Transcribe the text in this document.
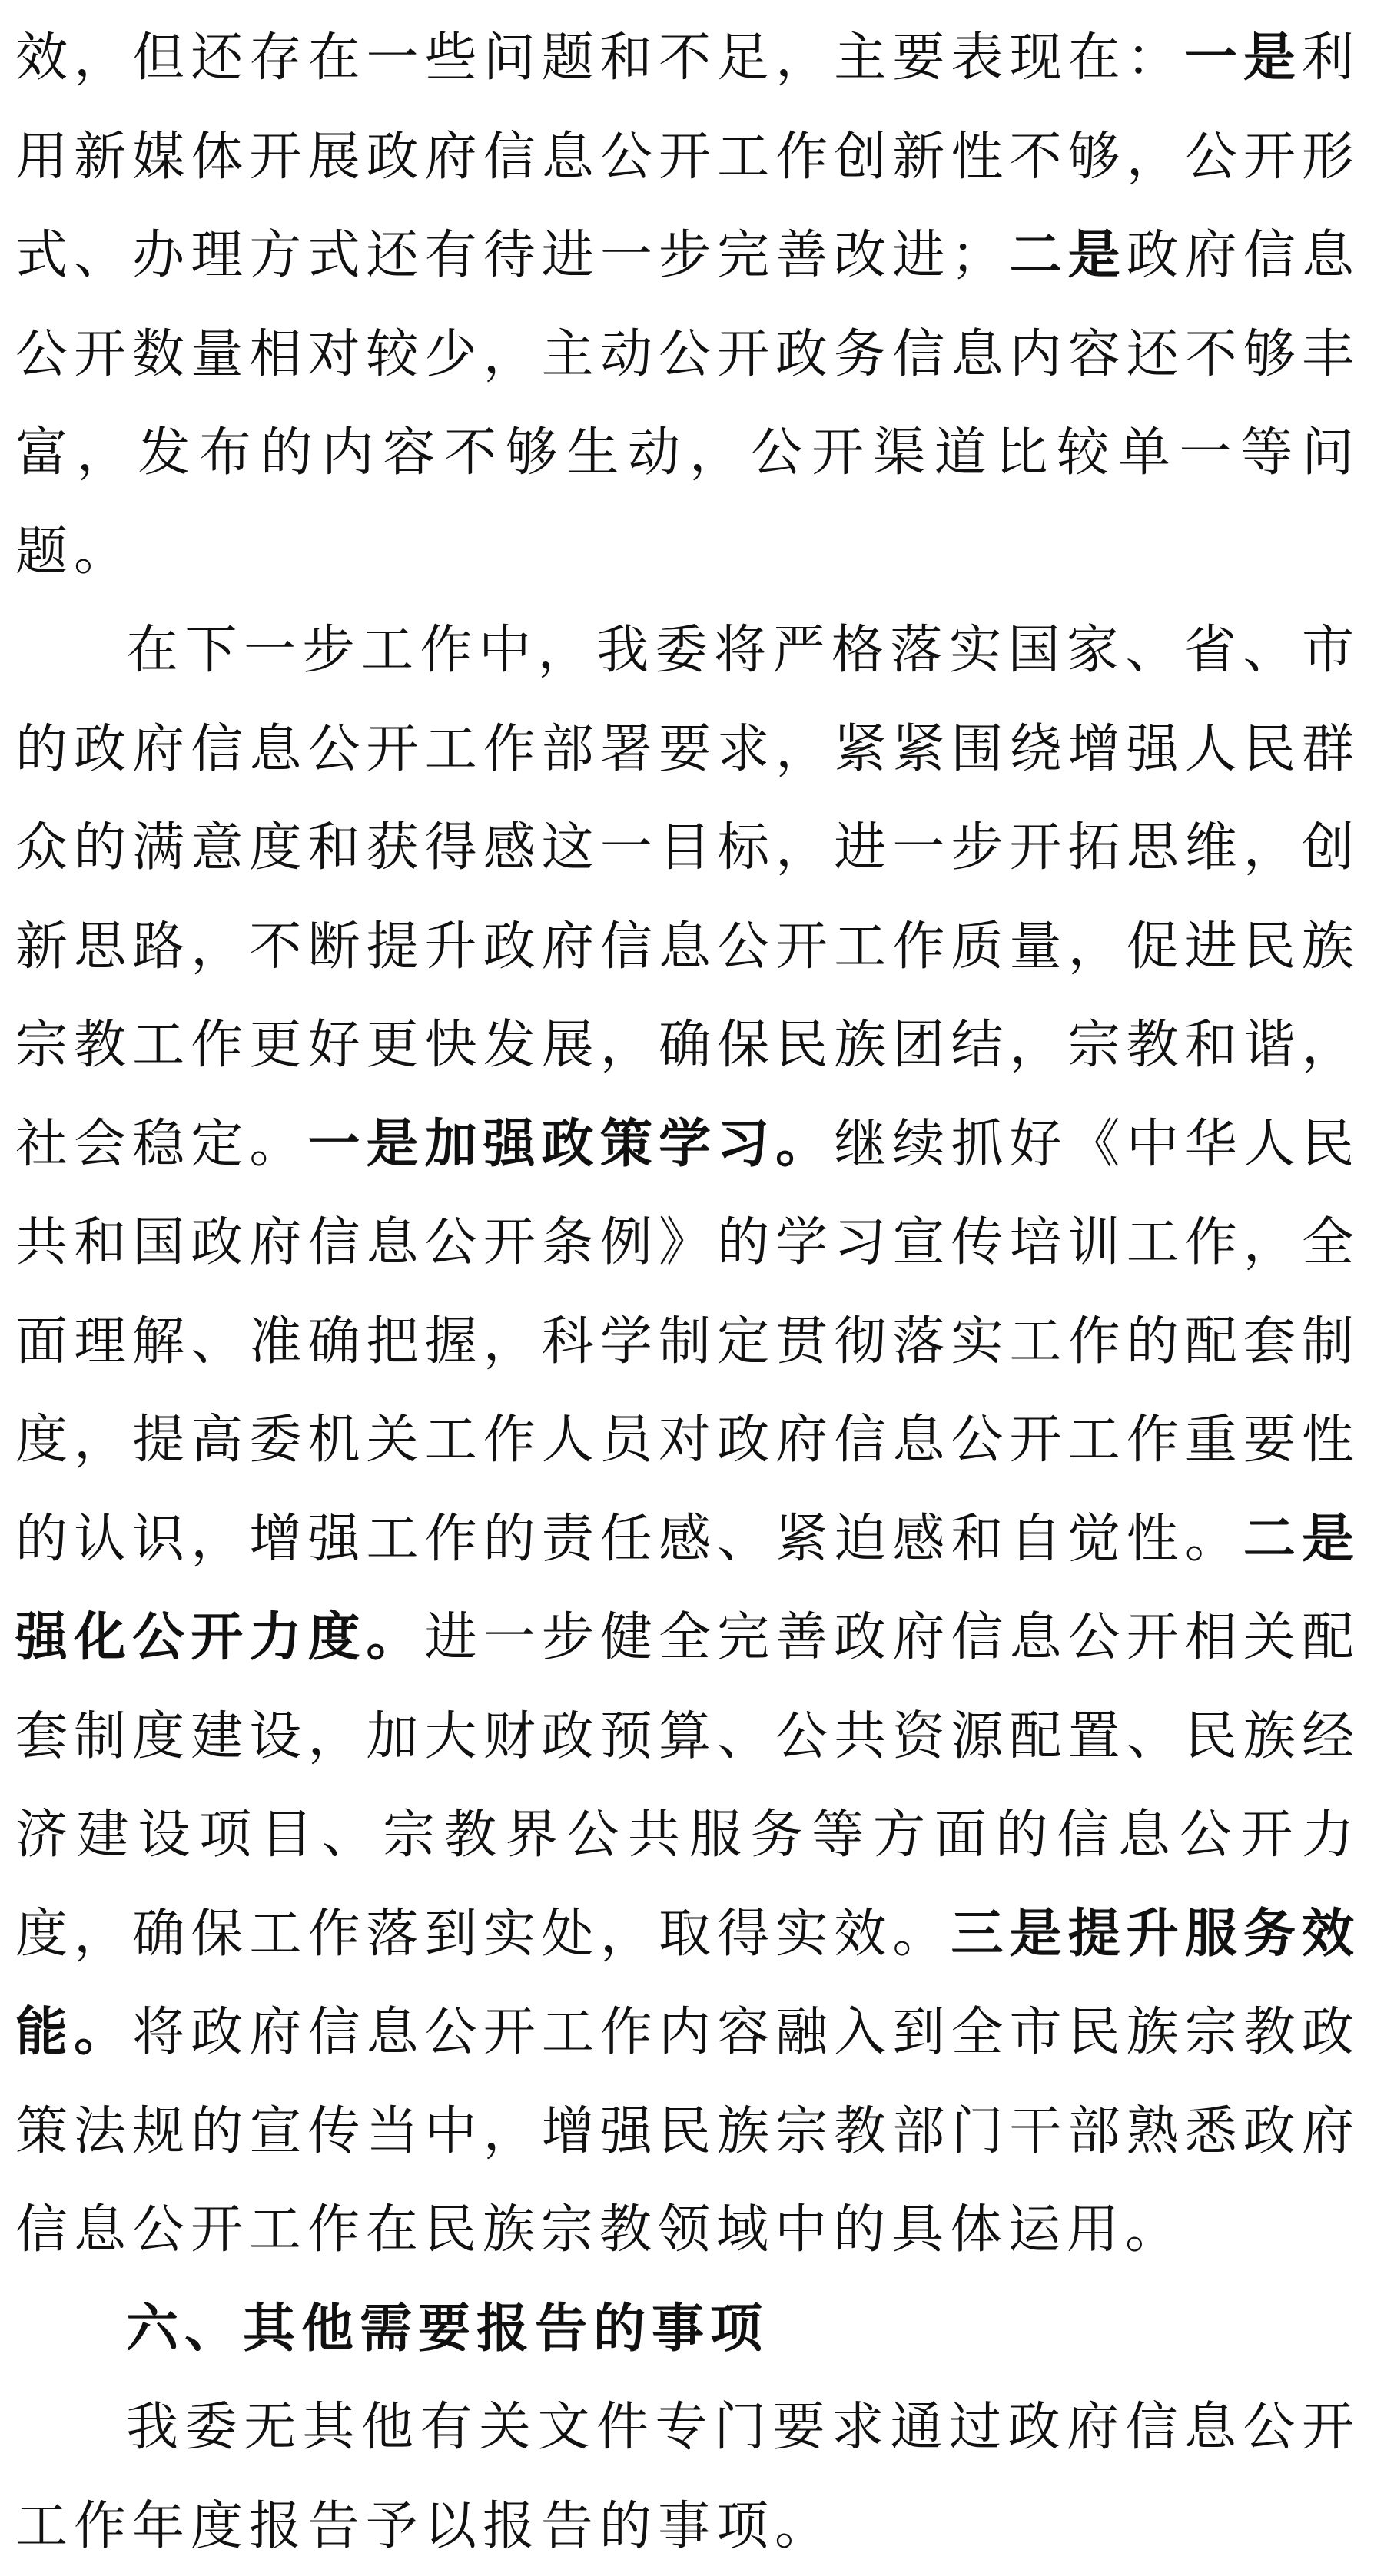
效，但还存在一些问题和不足，主要表现在：一是利用新媒体开展政府信息公开工作创新性不够，公开形式、办理方式还有待进一步完善改进；二是政府信息公开数量相对较少，主动公开政务信息内容还不够丰富，发布的内容不够生动，公开渠道比较单一等问题。

在下一步工作中，我委将严格落实国家、省、市的政府信息公开工作部署要求，紧紧围绕增强人民群众的满意度和获得感这一目标，进一步开拓思维，创新思路，不断提升政府信息公开工作质量，促进民族宗教工作更好更快发展，确保民族团结，宗教和谐，社会稳定。一是加强政策学习。继续抓好《中华人民共和国政府信息公开条例》的学习宣传培训工作，全面理解、准确把握，科学制定贯彻落实工作的配套制度，提高委机关工作人员对政府信息公开工作重要性的认识，增强工作的责任感、紧迫感和自觉性。二是强化公开力度。进一步健全完善政府信息公开相关配套制度建设，加大财政预算、公共资源配置、民族经济建设项目、宗教界公共服务等方面的信息公开力度，确保工作落到实处，取得实效。三是提升服务效能。将政府信息公开工作内容融入到全市民族宗教政策法规的宣传当中，增强民族宗教部门干部熟悉政府信息公开工作在民族宗教领域中的具体运用。

六、其他需要报告的事项

我委无其他有关文件专门要求通过政府信息公开工作年度报告予以报告的事项。
